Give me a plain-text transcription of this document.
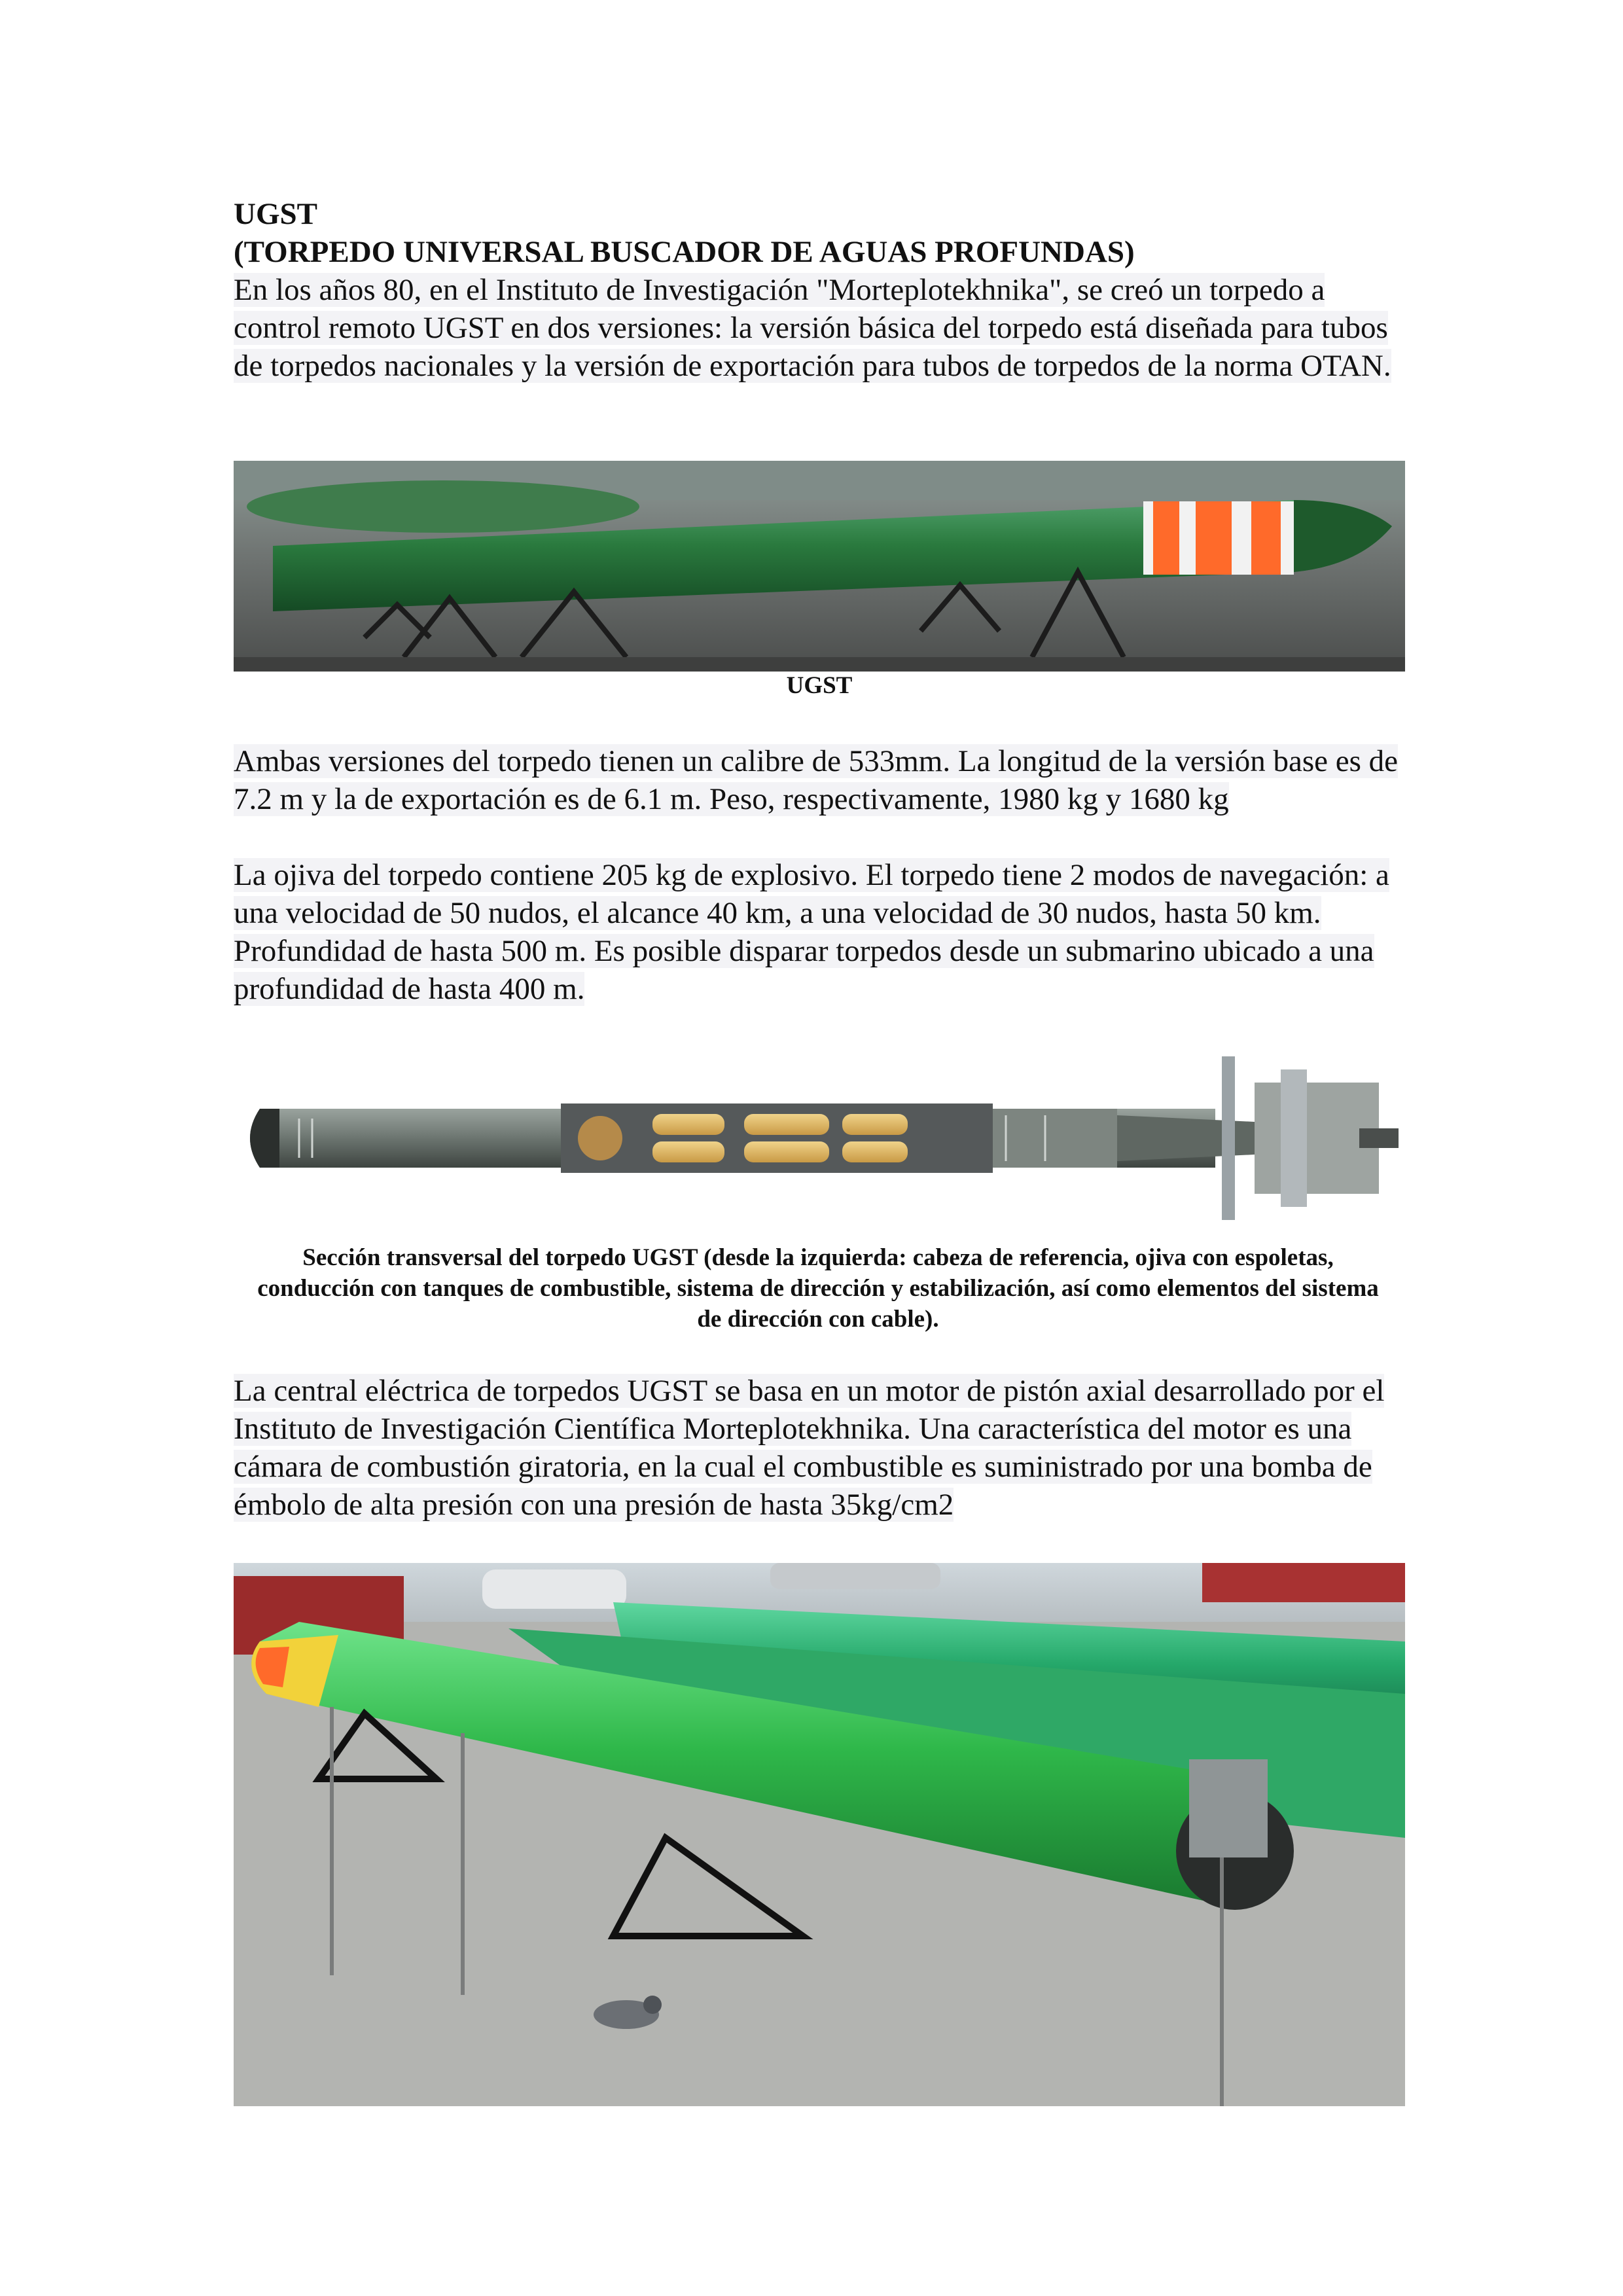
UGST
(TORPEDO UNIVERSAL BUSCADOR DE AGUAS PROFUNDAS)

En los años 80, en el Instituto de Investigación "Morteplotekhnika", se creó un torpedo a control remoto UGST en dos versiones: la versión básica del torpedo está diseñada para tubos de torpedos nacionales y la versión de exportación para tubos de torpedos de la norma OTAN.

UGST

Ambas versiones del torpedo tienen un calibre de 533mm. La longitud de la versión base es de 7.2 m y la de exportación es de 6.1 m. Peso, respectivamente, 1980 kg y 1680 kg

La ojiva del torpedo contiene 205 kg de explosivo. El torpedo tiene 2 modos de navegación: a una velocidad de 50 nudos, el alcance 40 km, a una velocidad de 30 nudos, hasta 50 km. Profundidad de hasta 500 m. Es posible disparar torpedos desde un submarino ubicado a una profundidad de hasta 400 m.

Sección transversal del torpedo UGST (desde la izquierda: cabeza de referencia, ojiva con espoletas, conducción con tanques de combustible, sistema de dirección y estabilización, así como elementos del sistema de dirección con cable).

La central eléctrica de torpedos UGST se basa en un motor de pistón axial desarrollado por el Instituto de Investigación Científica Morteplotekhnika. Una característica del motor es una cámara de combustión giratoria, en la cual el combustible es suministrado por una bomba de émbolo de alta presión con una presión de hasta 35kg/cm2
